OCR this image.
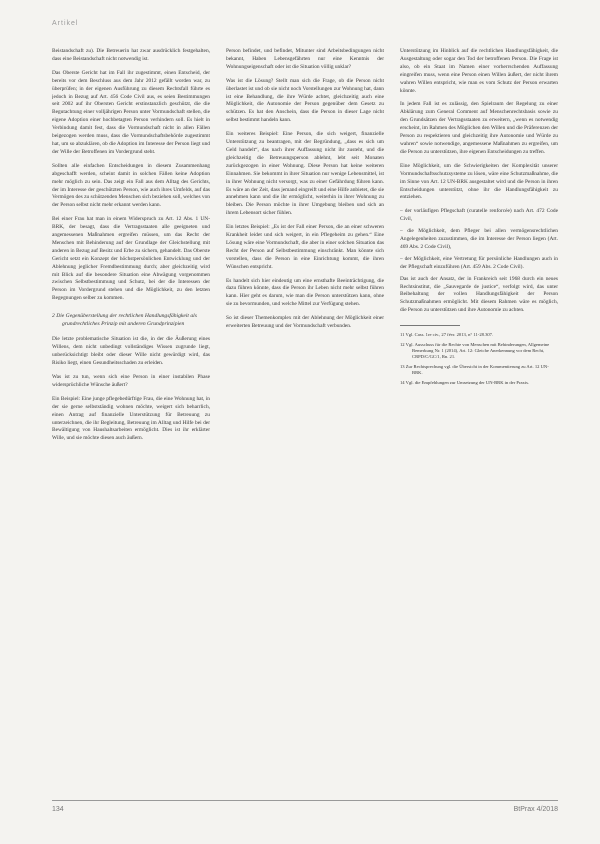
Artikel

Beistandschaft zu). Die Betreuerin hat zwar ausdrücklich festgehalten, dass eine Beistandschaft nicht notwendig ist.

Das Oberste Gericht hat im Fall ihr zugestimmt, einen Entscheid, der bereits vor dem Beschluss aus dem Jahr 2012 gefällt worden war, zu überprüfen; in der eigenen Ausführung zu diesem Rechtsfall führte es jedoch in Bezug auf Art. 456 Code Civil aus, es seien Bestimmungen seit 2002 auf ihr Obersten Gericht erstinstanzlich geschützt, die die Begutachtung einer volljährigen Person unter Vormundschaft stellen, die eigene Adoption einer hochbetagten Person verhindern soll. Es hielt in Verbindung damit fest, dass die Vormundschaft nicht in allen Fällen beigezogen werden muss, dass die Vormundschaftsbehörde zugestimmt hat, um so abzuklären, ob die Adoption im Interesse der Person liegt und der Wille der Betroffenen im Vordergrund steht.

Sollten alle einfachen Entscheidungen in diesem Zusammenhang abgeschafft werden, scheint damit in solchen Fällen keine Adoption mehr möglich zu sein. Das zeigt ein Fall aus dem Alltag des Gerichts, der im Interesse der geschützten Person, wie auch ihres Umfelds, auf das Vermögen des zu schützenden Menschen sich beziehen soll, welches von der Person selbst nicht mehr erkannt werden kann.

Bei einer Frau hat man in einem Widerspruch zu Art. 12 Abs. 1 UN-BRK, der besagt, dass die Vertragsstaaten alle geeigneten und angemessenen Maßnahmen ergreifen müssen, um das Recht der Menschen mit Behinderung auf der Grundlage der Gleichstellung mit anderen in Bezug auf Besitz und Erbe zu sichern, gehandelt. Das Oberste Gericht setzt ein Konzept der höchstpersönlichen Entwicklung und der Ablehnung jeglicher Fremdbestimmung durch; aber gleichzeitig wird mit Blick auf die besondere Situation eine Abwägung vorgenommen zwischen Selbstbestimmung und Schutz, bei der die Interessen der Person im Vordergrund stehen und die Möglichkeit, zu den letzten Begegnungen selber zu kommen.

2 Die Gegenüberstellung der rechtlichen Handlungsfähigkeit als grundrechtliches Prinzip mit anderen Grundprinzipien

Die letzte problematische Situation ist die, in der die Äußerung eines Willens, dem nicht unbedingt vollständiges Wissen zugrunde liegt, unberücksichtigt bleibt oder dieser Wille nicht gewürdigt wird, das Risiko liegt, einen Gesundheitsschaden zu erleiden.

Was ist zu tun, wenn sich eine Person in einer instabilen Phase widersprüchliche Wünsche äußert?

Ein Beispiel: Eine junge pflegebedürftige Frau, die eine Wohnung hat, in der sie gerne selbstständig wohnen möchte, weigert sich beharrlich, einen Antrag auf finanzielle Unterstützung für Betreuung zu unterzeichnen, die ihr Begleitung, Betreuung im Alltag und Hilfe bei der Bewältigung von Haushaltsarbeiten ermöglicht. Dies ist ihr erklärter Wille, und sie möchte diesen auch äußern.

Person befindet, und befindet, Mitunter sind Arbeitsbedingungen nicht bekannt, Haben Lebensgefährten nur eine Kenntnis der Wohnungseigenschaft oder ist die Situation völlig unklar?

Was ist die Lösung? Stellt man sich die Frage, ob die Person nicht überlastet ist und ob sie nicht noch Vorstellungen zur Wohnung hat, dann ist eine Behandlung, die ihre Würde achtet, gleichzeitig auch eine Möglichkeit, die Autonomie der Person gegenüber dem Gesetz zu schützen. Es hat den Anschein, dass die Person in dieser Lage nicht selbst bestimmt handeln kann.

Ein weiteres Beispiel: Eine Person, die sich weigert, finanzielle Unterstützung zu beantragen, mit der Begründung, „dass es sich um Geld handelt“, das nach ihrer Auffassung nicht ihr zusteht, und die gleichzeitig die Betreuungsperson ablehnt, lebt seit Monaten zurückgezogen in einer Wohnung. Diese Person hat keine weiteren Einnahmen. Sie bekommt in ihrer Situation nur wenige Lebensmittel, ist in ihrer Wohnung nicht versorgt, was zu einer Gefährdung führen kann. Es wäre an der Zeit, dass jemand eingreift und eine Hilfe anbietet, die sie annehmen kann und die ihr ermöglicht, weiterhin in ihrer Wohnung zu bleiben. Die Person möchte in ihrer Umgebung bleiben und sich an ihrem Lebensort sicher fühlen.

Ein letztes Beispiel: „Es ist der Fall einer Person, die an einer schweren Krankheit leidet und sich weigert, in ein Pflegeheim zu gehen.“ Eine Lösung wäre eine Vormundschaft, die aber in einer solchen Situation das Recht der Person auf Selbstbestimmung einschränkt. Man könnte sich vorstellen, dass die Person in eine Einrichtung kommt, die ihren Wünschen entspricht.

Es handelt sich hier eindeutig um eine ernsthafte Beeinträchtigung, die dazu führen könnte, dass die Person ihr Leben nicht mehr selbst führen kann. Hier geht es darum, wie man die Person unterstützen kann, ohne sie zu bevormunden, und welche Mittel zur Verfügung stehen.

So ist dieser Themenkomplex mit der Ablehnung der Möglichkeit einer erweiterten Betreuung und der Vormundschaft verbunden.

Unterstützung im Hinblick auf die rechtlichen Handlungsfähigkeit, die Ausgestaltung oder sogar den Tod der betroffenen Person. Die Frage ist also, ob ein Staat im Namen einer vorherrschenden Auffassung eingreifen muss, wenn eine Person einen Willen äußert, der nicht ihrem wahren Willen entspricht, wie man es vom Schutz der Person erwarten könnte.

In jedem Fall ist es zulässig, den Spielraum der Regelung zu einer Abklärung zum General Comment auf Menschenrechtsbasis sowie zu den Grundsätzen der Vertragsstaaten zu erweitern, „wenn es notwendig erscheint, im Rahmen des Möglichen den Willen und die Präferenzen der Person zu respektieren und gleichzeitig ihre Autonomie und Würde zu wahren“ sowie notwendige, angemessene Maßnahmen zu ergreifen, um die Person zu unterstützen, ihre eigenen Entscheidungen zu treffen.

Eine Möglichkeit, um die Schwierigkeiten der Komplexität unserer Vormundschaftsschutzsysteme zu lösen, wäre eine Schutzmaßnahme, die im Sinne von Art. 12 UN-BRK ausgestaltet wird und die Person in ihren Entscheidungen unterstützt, ohne ihr die Handlungsfähigkeit zu entziehen.

– der vorläufigen Pflegschaft (curatelle renforcée) nach Art. 472 Code Civil,

– die Möglichkeit, dem Pfleger bei allen vermögensrechtlichen Angelegenheiten zuzustimmen, die im Interesse der Person liegen (Art. 469 Abs. 2 Code Civil),

– der Möglichkeit, eine Vertretung für persönliche Handlungen auch in der Pflegschaft einzuführen (Art. 459 Abs. 2 Code Civil).

Das ist auch der Ansatz, der in Frankreich seit 1968 durch ein neues Rechtsinstitut, die „Sauvegarde de justice“, verfolgt wird, das unter Beibehaltung der vollen Handlungsfähigkeit der Person Schutzmaßnahmen ermöglicht. Mit diesem Rahmen wäre es möglich, die Person zu unterstützen und ihre Autonomie zu achten.

11 Vgl. Cass. 1re civ., 27 févr. 2013, n° 11-28.307.

12 Vgl. Ausschuss für die Rechte von Menschen mit Behinderungen, Allgemeine Bemerkung Nr. 1 (2014), Art. 12: Gleiche Anerkennung vor dem Recht, CRPD/C/GC/1, Rn. 21.

13 Zur Rechtsprechung vgl. die Übersicht in der Kommentierung zu Art. 12 UN-BRK.

14 Vgl. die Empfehlungen zur Umsetzung der UN-BRK in der Praxis.

134	BtPrax 4/2018
